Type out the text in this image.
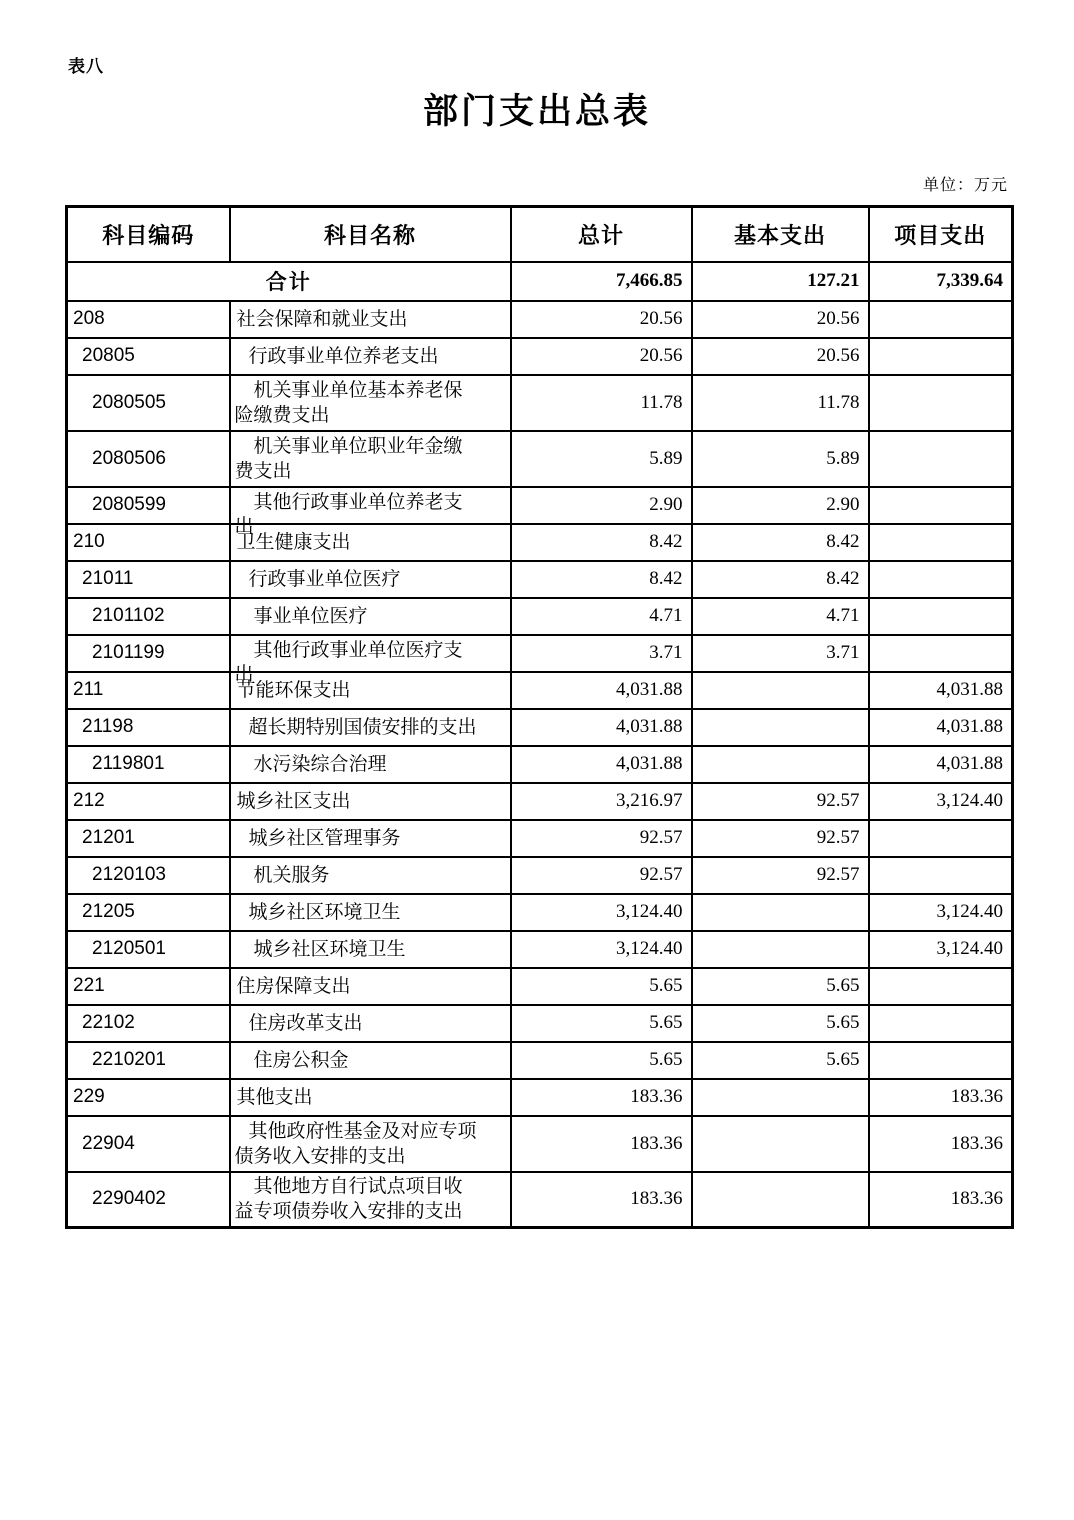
表八
部门支出总表
单位：万元
科目编码	科目名称	总计	基本支出	项目支出
合计		7,466.85	127.21	7,339.64
208	社会保障和就业支出	20.56	20.56	
20805	行政事业单位养老支出	20.56	20.56	
2080505	机关事业单位基本养老保
险缴费支出	11.78	11.78	
2080506	机关事业单位职业年金缴
费支出	5.89	5.89	
2080599	其他行政事业单位养老支
出	2.90	2.90	
210	卫生健康支出	8.42	8.42	
21011	行政事业单位医疗	8.42	8.42	
2101102	事业单位医疗	4.71	4.71	
2101199	其他行政事业单位医疗支
出	3.71	3.71	
211	节能环保支出	4,031.88		4,031.88
21198	超长期特别国债安排的支出	4,031.88		4,031.88
2119801	水污染综合治理	4,031.88		4,031.88
212	城乡社区支出	3,216.97	92.57	3,124.40
21201	城乡社区管理事务	92.57	92.57	
2120103	机关服务	92.57	92.57	
21205	城乡社区环境卫生	3,124.40		3,124.40
2120501	城乡社区环境卫生	3,124.40		3,124.40
221	住房保障支出	5.65	5.65	
22102	住房改革支出	5.65	5.65	
2210201	住房公积金	5.65	5.65	
229	其他支出	183.36		183.36
22904	其他政府性基金及对应专项
债务收入安排的支出	183.36		183.36
2290402	其他地方自行试点项目收
益专项债券收入安排的支出	183.36		183.36
